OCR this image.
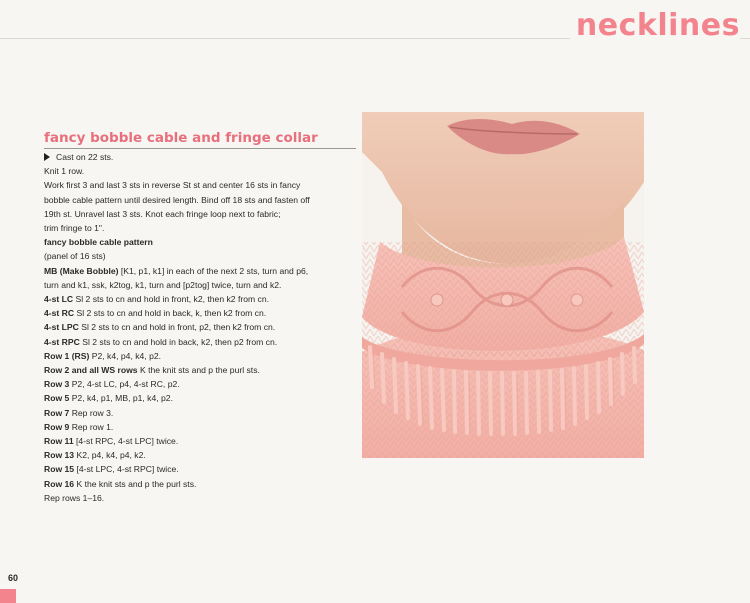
necklines
fancy bobble cable and fringe collar
Cast on 22 sts.
Knit 1 row.
Work first 3 and last 3 sts in reverse St st and center 16 sts in fancy
bobble cable pattern until desired length. Bind off 18 sts and fasten off
19th st. Unravel last 3 sts. Knot each fringe loop next to fabric;
trim fringe to 1".
fancy bobble cable pattern
(panel of 16 sts)
MB (Make Bobble) [K1, p1, k1] in each of the next 2 sts, turn and p6,
turn and k1, ssk, k2tog, k1, turn and [p2tog] twice, turn and k2.
4-st LC Sl 2 sts to cn and hold in front, k2, then k2 from cn.
4-st RC Sl 2 sts to cn and hold in back, k, then k2 from cn.
4-st LPC Sl 2 sts to cn and hold in front, p2, then k2 from cn.
4-st RPC Sl 2 sts to cn and hold in back, k2, then p2 from cn.
Row 1 (RS) P2, k4, p4, k4, p2.
Row 2 and all WS rows K the knit sts and p the purl sts.
Row 3 P2, 4-st LC, p4, 4-st RC, p2.
Row 5 P2, k4, p1, MB, p1, k4, p2.
Row 7 Rep row 3.
Row 9 Rep row 1.
Row 11 [4-st RPC, 4-st LPC] twice.
Row 13 K2, p4, k4, p4, k2.
Row 15 [4-st LPC, 4-st RPC] twice.
Row 16 K the knit sts and p the purl sts.
Rep rows 1–16.
60
